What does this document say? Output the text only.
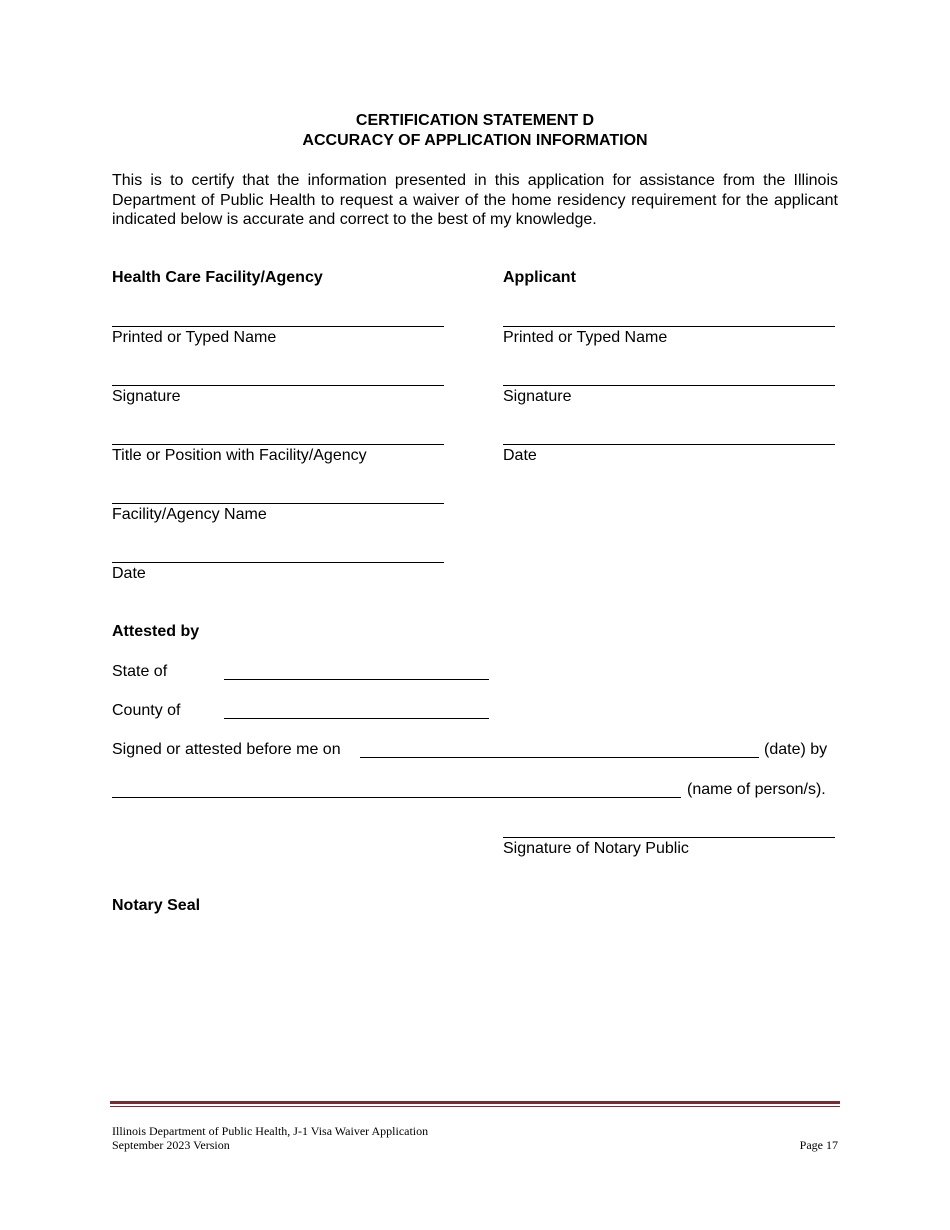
CERTIFICATION STATEMENT D
ACCURACY OF APPLICATION INFORMATION
This is to certify that the information presented in this application for assistance from the Illinois Department of Public Health to request a waiver of the home residency requirement for the applicant indicated below is accurate and correct to the best of my knowledge.
Health Care Facility/Agency
Printed or Typed Name
Signature
Title or Position with Facility/Agency
Facility/Agency Name
Date
Applicant
Printed or Typed Name
Signature
Date
Attested by
State of
County of
Signed or attested before me on	(date) by
(name of person/s).
Signature of Notary Public
Notary Seal
Illinois Department of Public Health, J-1 Visa Waiver Application
September 2023 Version	Page 17
